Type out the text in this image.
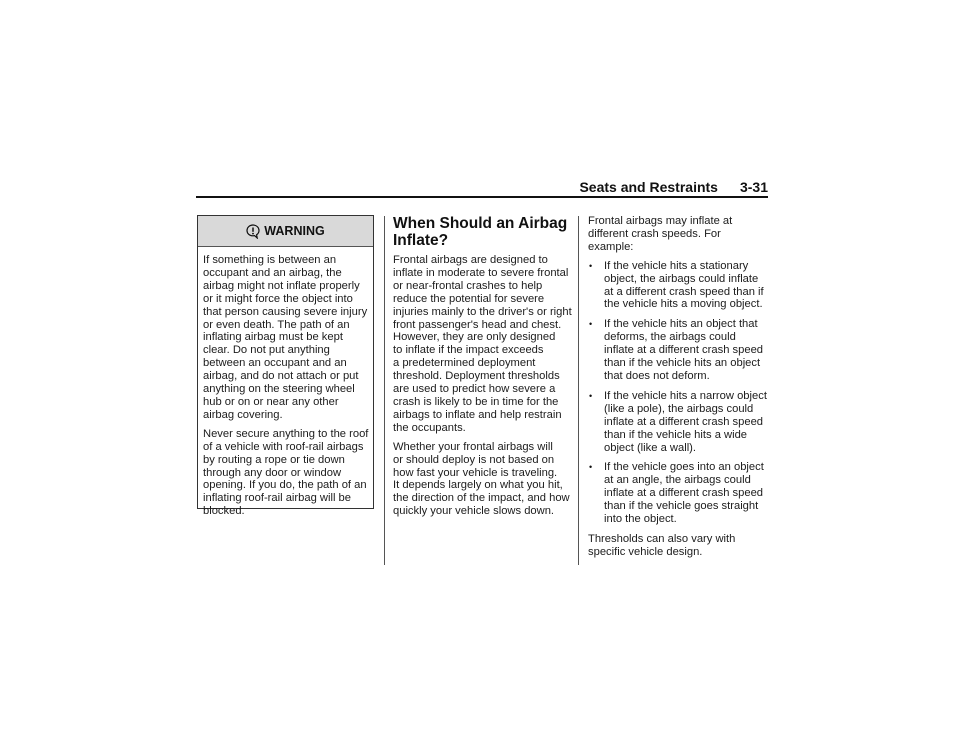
Seats and Restraints 3-31
WARNING

If something is between an
occupant and an airbag, the
airbag might not inflate properly
or it might force the object into
that person causing severe injury
or even death. The path of an
inflating airbag must be kept
clear. Do not put anything
between an occupant and an
airbag, and do not attach or put
anything on the steering wheel
hub or on or near any other
airbag covering.

Never secure anything to the roof
of a vehicle with roof-rail airbags
by routing a rope or tie down
through any door or window
opening. If you do, the path of an
inflating roof-rail airbag will be
blocked.

When Should an Airbag
Inflate?

Frontal airbags are designed to
inflate in moderate to severe frontal
or near-frontal crashes to help
reduce the potential for severe
injuries mainly to the driver's or right
front passenger's head and chest.
However, they are only designed
to inflate if the impact exceeds
a predetermined deployment
threshold. Deployment thresholds
are used to predict how severe a
crash is likely to be in time for the
airbags to inflate and help restrain
the occupants.

Whether your frontal airbags will
or should deploy is not based on
how fast your vehicle is traveling.
It depends largely on what you hit,
the direction of the impact, and how
quickly your vehicle slows down.

Frontal airbags may inflate at
different crash speeds. For
example:

• If the vehicle hits a stationary
object, the airbags could inflate
at a different crash speed than if
the vehicle hits a moving object.
• If the vehicle hits an object that
deforms, the airbags could
inflate at a different crash speed
than if the vehicle hits an object
that does not deform.
• If the vehicle hits a narrow object
(like a pole), the airbags could
inflate at a different crash speed
than if the vehicle hits a wide
object (like a wall).
• If the vehicle goes into an object
at an angle, the airbags could
inflate at a different crash speed
than if the vehicle goes straight
into the object.

Thresholds can also vary with
specific vehicle design.
